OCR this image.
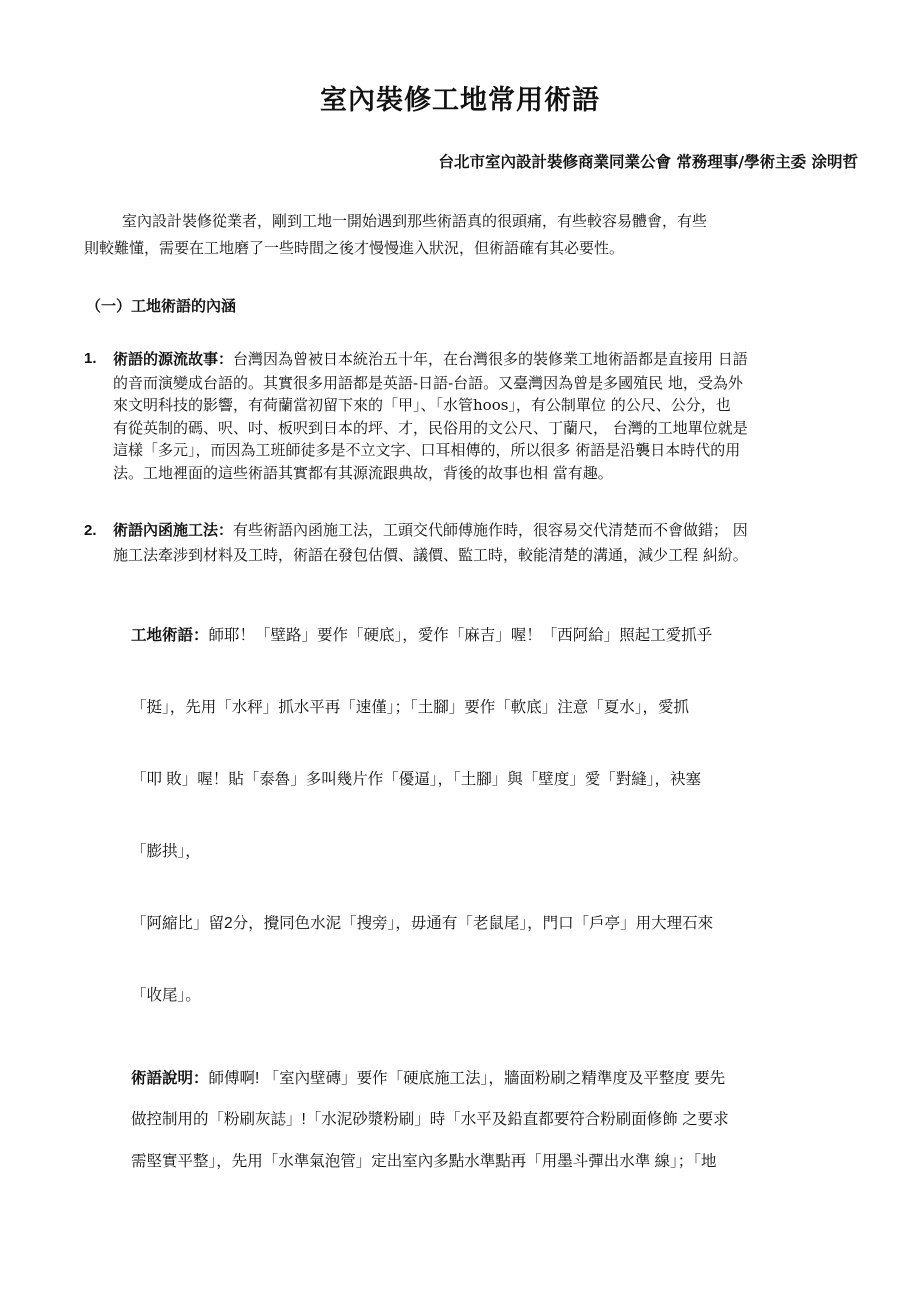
室內裝修工地常用術語
台北市室內設計裝修商業同業公會 常務理事/學術主委 涂明哲
室內設計裝修從業者，剛到工地一開始遇到那些術語真的很頭痛，有些較容易體會，有些
則較難懂，需要在工地磨了一些時間之後才慢慢進入狀況，但術語確有其必要性。
（一）工地術語的內涵
1. 術語的源流故事：台灣因為曾被日本統治五十年，在台灣很多的裝修業工地術語都是直接用 日語
的音而演變成台語的。其實很多用語都是英語-日語-台語。又臺灣因為曾是多國殖民 地，受為外
來文明科技的影響，有荷蘭當初留下來的「甲」、「水管hoos」，有公制單位 的公尺、公分，也
有從英制的碼、呎、吋、板呎到日本的坪、才，民俗用的文公尺、丁蘭尺， 台灣的工地單位就是
這樣「多元」，而因為工班師徒多是不立文字、口耳相傳的，所以很多 術語是沿襲日本時代的用
法。工地裡面的這些術語其實都有其源流跟典故，背後的故事也相 當有趣。
2. 術語內函施工法：有些術語內函施工法，工頭交代師傅施作時，很容易交代清楚而不會做錯； 因
施工法牽涉到材料及工時，術語在發包估價、議價、監工時，較能清楚的溝通，減少工程 糾紛。
工地術語：師耶！「壁路」要作「硬底」，愛作「麻吉」喔！「西阿給」照起工愛抓乎
「挺」，先用「水秤」抓水平再「速僅」；「土腳」要作「軟底」注意「夏水」，愛抓
「叩 敗」喔！貼「泰魯」多叫幾片作「優逼」，「土腳」與「壁度」愛「對縫」，袂塞
「膨拱」，
「阿縮比」留2分，攪同色水泥「搜旁」，毋通有「老鼠尾」，門口「戶亭」用大理石來
「收尾」。
術語說明：師傅啊! 「室內壁磚」要作「硬底施工法」，牆面粉刷之精準度及平整度 要先
做控制用的「粉刷灰誌」!「水泥砂漿粉刷」時「水平及鉛直都要符合粉刷面修飾 之要求
需堅實平整」，先用「水準氣泡管」定出室內多點水準點再「用墨斗彈出水準 線」；「地
